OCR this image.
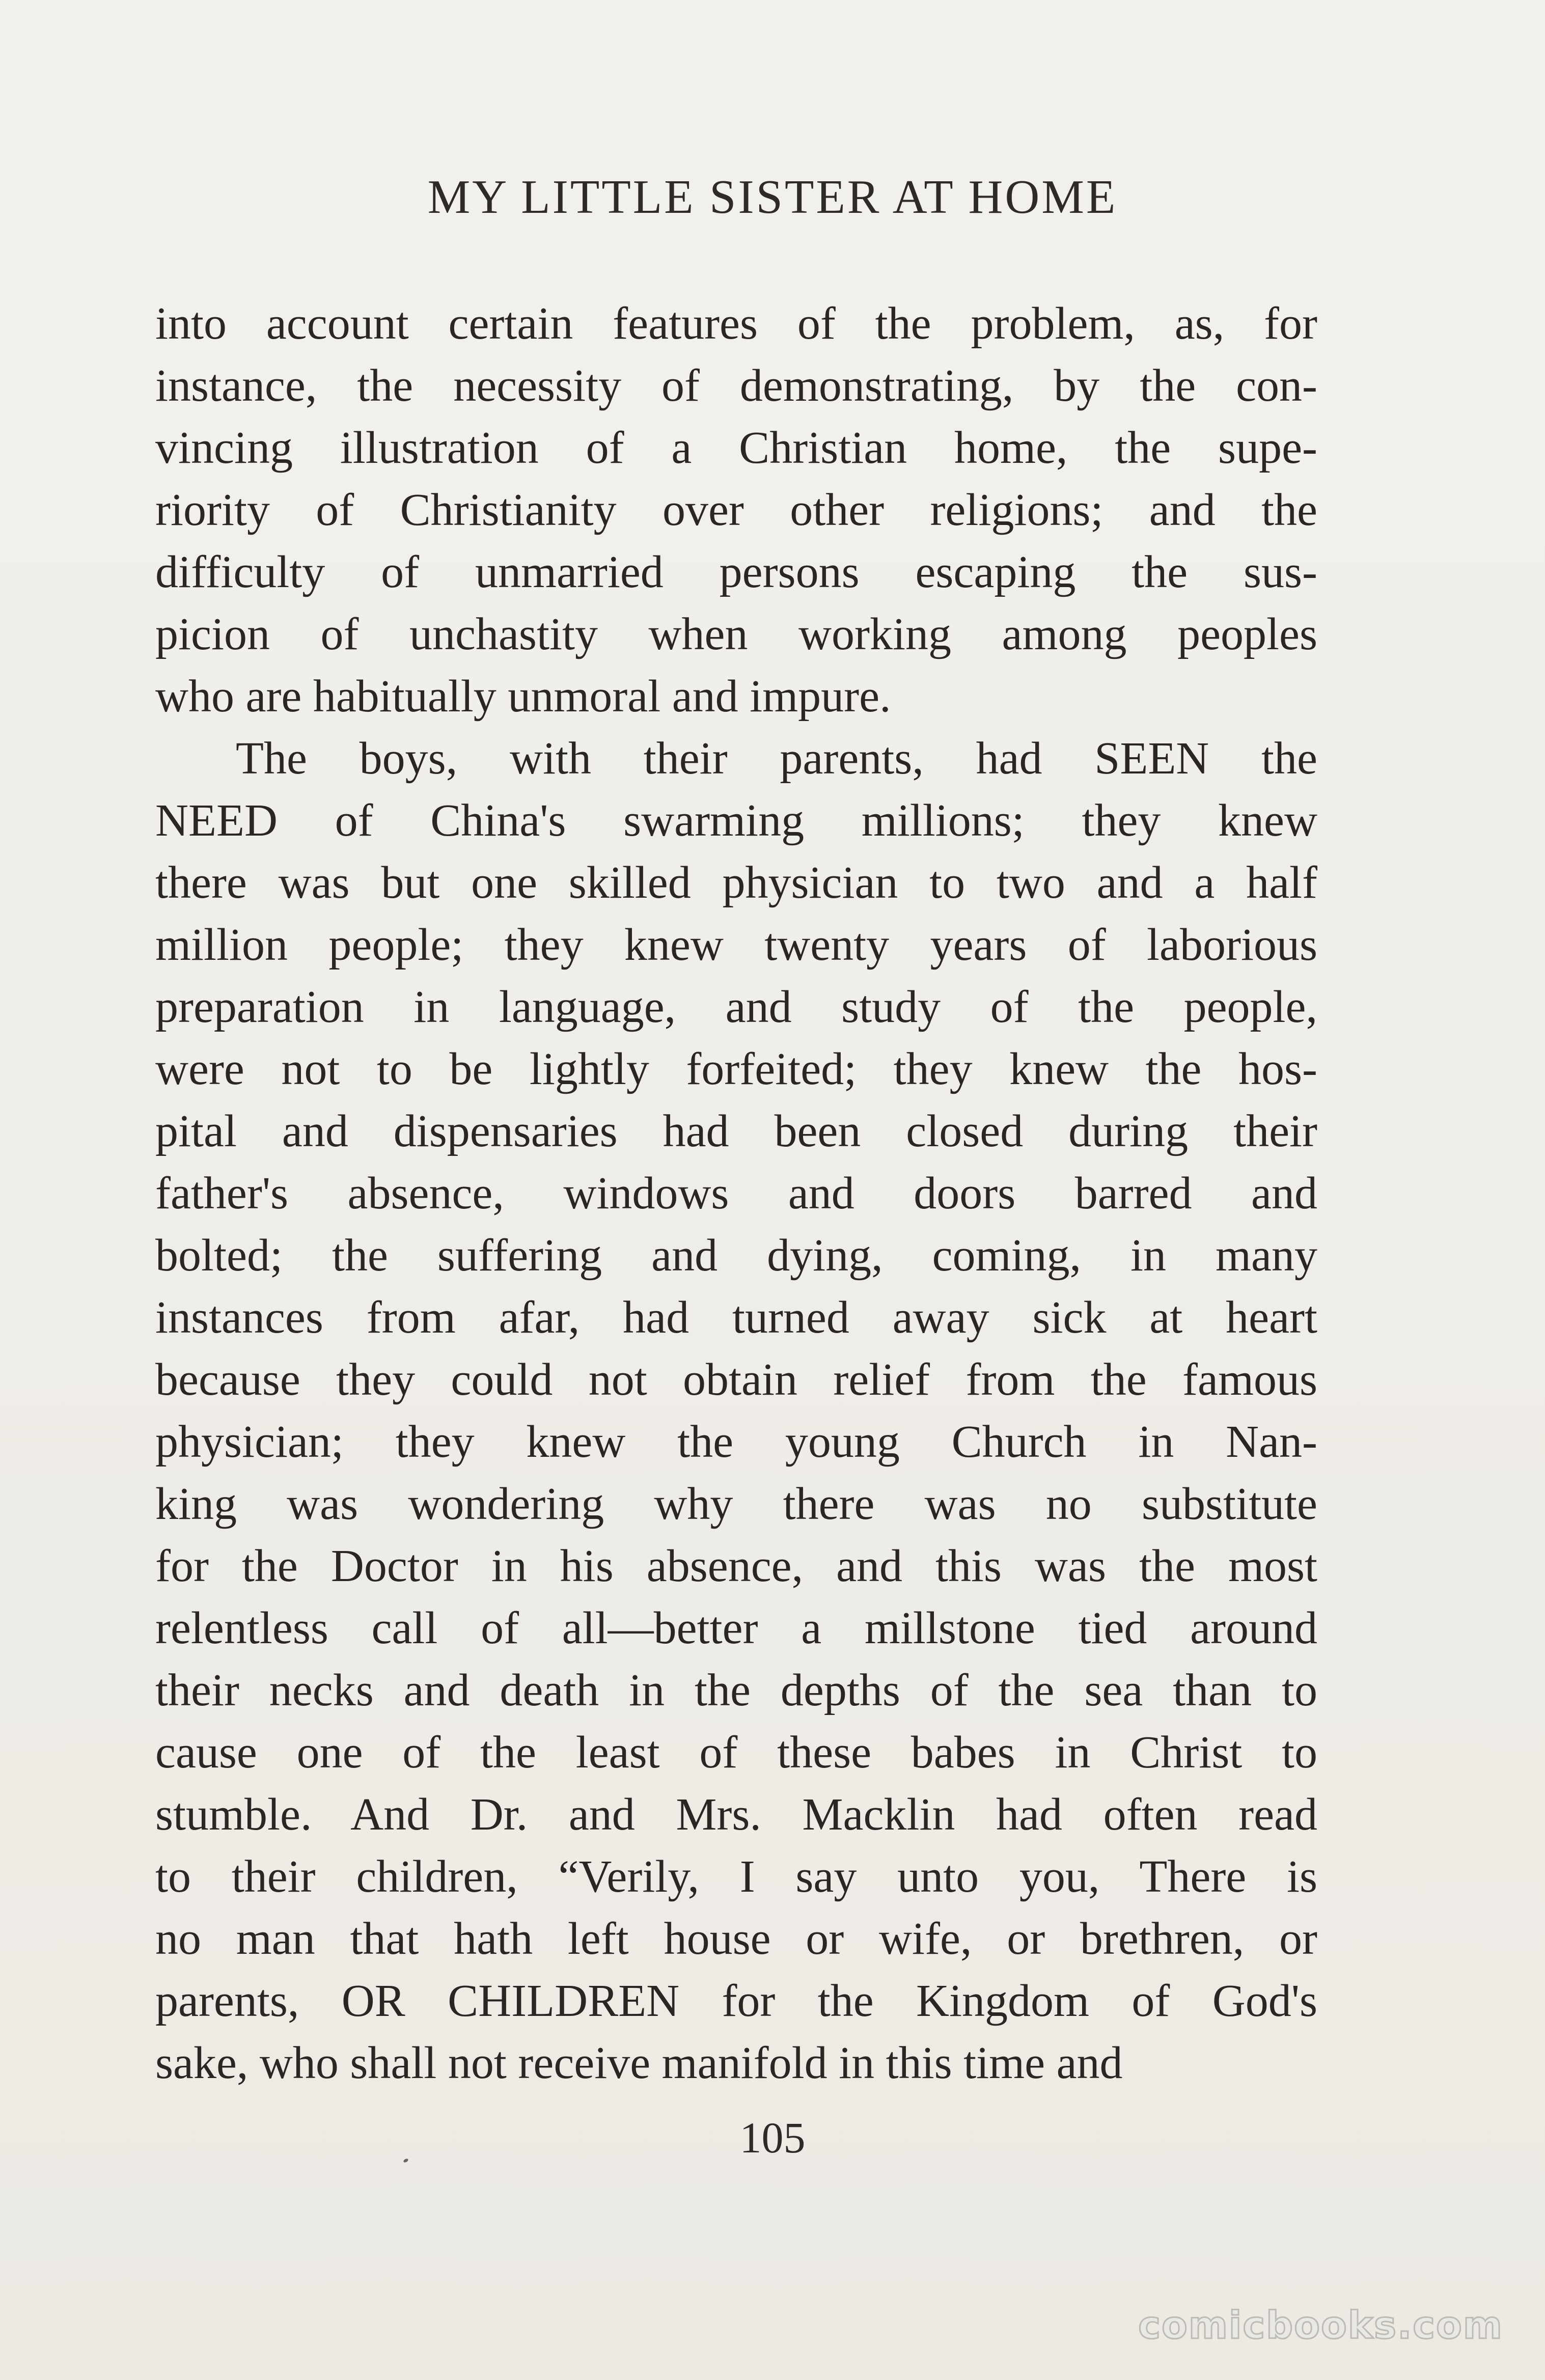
MY LITTLE SISTER AT HOME
into account certain features of the problem, as, for
instance, the necessity of demonstrating, by the con-
vincing illustration of a Christian home, the supe-
riority of Christianity over other religions; and the
difficulty of unmarried persons escaping the sus-
picion of unchastity when working among peoples
who are habitually unmoral and impure.
The boys, with their parents, had SEEN the
NEED of China's swarming millions; they knew
there was but one skilled physician to two and a half
million people; they knew twenty years of laborious
preparation in language, and study of the people,
were not to be lightly forfeited; they knew the hos-
pital and dispensaries had been closed during their
father's absence, windows and doors barred and
bolted; the suffering and dying, coming, in many
instances from afar, had turned away sick at heart
because they could not obtain relief from the famous
physician; they knew the young Church in Nan-
king was wondering why there was no substitute
for the Doctor in his absence, and this was the most
relentless call of all—better a millstone tied around
their necks and death in the depths of the sea than to
cause one of the least of these babes in Christ to
stumble. And Dr. and Mrs. Macklin had often read
to their children, “Verily, I say unto you, There is
no man that hath left house or wife, or brethren, or
parents, OR CHILDREN for the Kingdom of God's
sake, who shall not receive manifold in this time and
105
comicbooks.com
